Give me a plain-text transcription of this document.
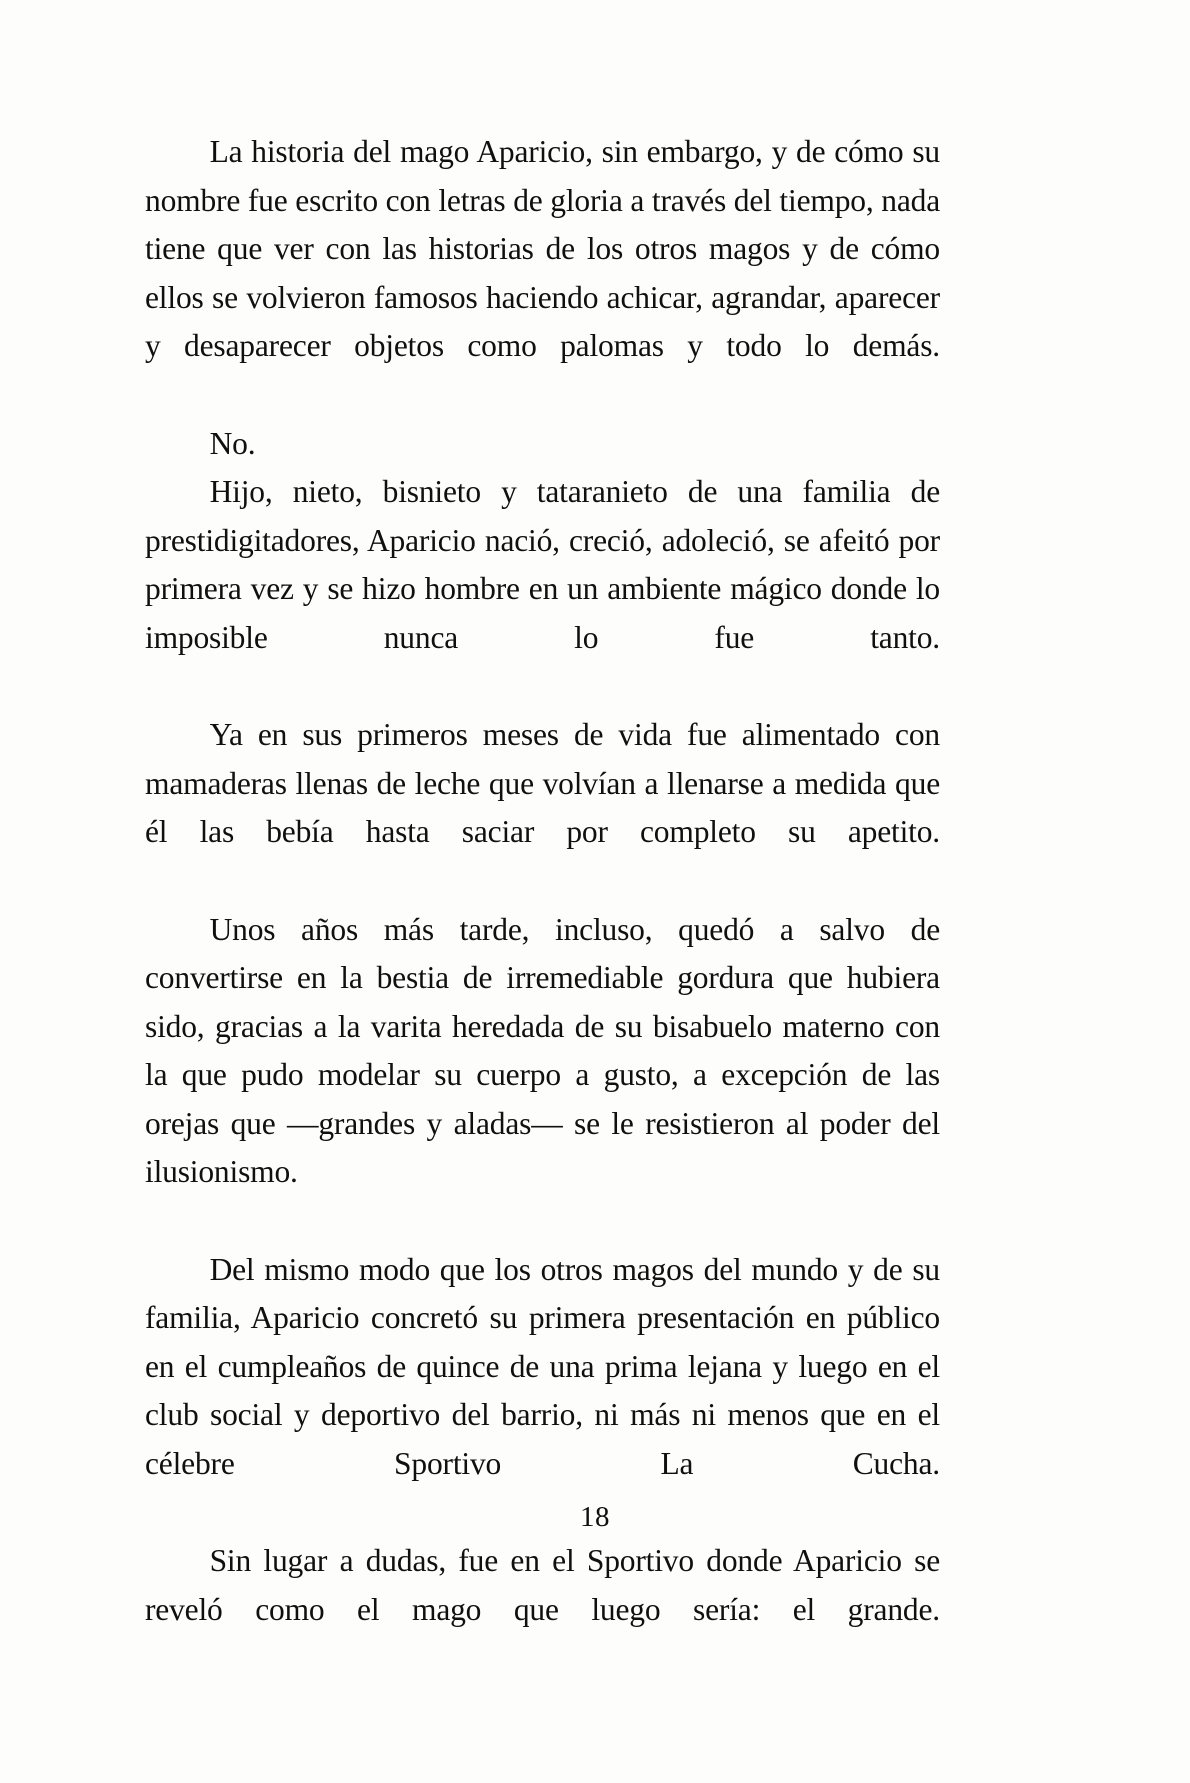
La historia del mago Aparicio, sin embargo, y de cómo su nombre fue escrito con letras de gloria a través del tiempo, nada tiene que ver con las historias de los otros magos y de cómo ellos se volvieron famosos haciendo achicar, agrandar, aparecer y desaparecer objetos como palomas y todo lo demás.

No.

Hijo, nieto, bisnieto y tataranieto de una familia de prestidigitadores, Aparicio nació, creció, adoleció, se afeitó por primera vez y se hizo hombre en un ambiente mágico donde lo imposible nunca lo fue tanto.

Ya en sus primeros meses de vida fue alimentado con mamaderas llenas de leche que volvían a llenarse a medida que él las bebía hasta saciar por completo su apetito.

Unos años más tarde, incluso, quedó a salvo de convertirse en la bestia de irremediable gordura que hubiera sido, gracias a la varita heredada de su bisabuelo materno con la que pudo modelar su cuerpo a gusto, a excepción de las orejas que —grandes y aladas— se le resistieron al poder del ilusionismo.

Del mismo modo que los otros magos del mundo y de su familia, Aparicio concretó su primera presentación en público en el cumpleaños de quince de una prima lejana y luego en el club social y deportivo del barrio, ni más ni menos que en el célebre Sportivo La Cucha.

Sin lugar a dudas, fue en el Sportivo donde Aparicio se reveló como el mago que luego sería: el grande.

18
